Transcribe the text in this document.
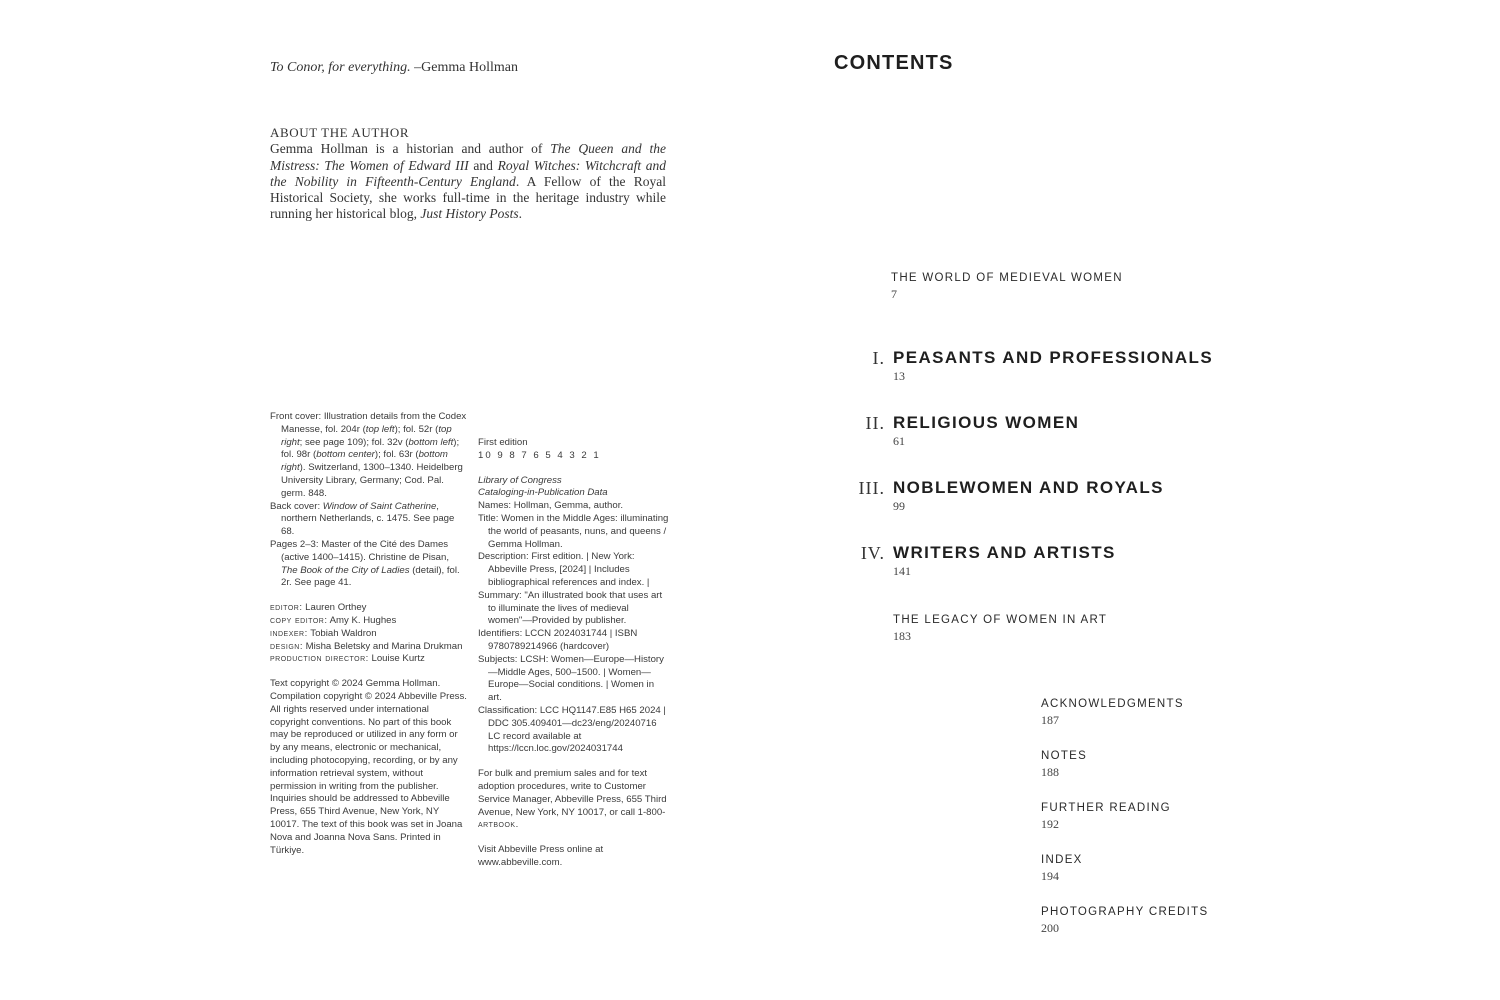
To Conor, for everything. –Gemma Hollman
ABOUT THE AUTHOR
Gemma Hollman is a historian and author of The Queen and the Mistress: The Women of Edward III and Royal Witches: Witchcraft and the Nobility in Fifteenth-Century England. A Fellow of the Royal Historical Society, she works full-time in the heritage industry while running her historical blog, Just History Posts.

Front cover: Illustration details from the Codex Manesse, fol. 204r (top left); fol. 52r (top right; see page 109); fol. 32v (bottom left); fol. 98r (bottom center); fol. 63r (bottom right). Switzerland, 1300–1340. Heidelberg University Library, Germany; Cod. Pal. germ. 848.

Back cover: Window of Saint Catherine, northern Netherlands, c. 1475. See page 68.

Pages 2–3: Master of the Cité des Dames (active 1400–1415). Christine de Pisan, The Book of the City of Ladies (detail), fol. 2r. See page 41.

editor: Lauren Orthey

copy editor: Amy K. Hughes

indexer: Tobiah Waldron

design: Misha Beletsky and Marina Drukman

production director: Louise Kurtz

Text copyright © 2024 Gemma Hollman. Compilation copyright © 2024 Abbeville Press. All rights reserved under international copyright conventions. No part of this book may be reproduced or utilized in any form or by any means, electronic or mechanical, including photocopying, recording, or by any information retrieval system, without permission in writing from the publisher. Inquiries should be addressed to Abbeville Press, 655 Third Avenue, New York, NY 10017. The text of this book was set in Joana Nova and Joanna Nova Sans. Printed in Türkiye.

First edition

10 9 8 7 6 5 4 3 2 1

Library of Congress

Cataloging-in-Publication Data

Names: Hollman, Gemma, author.

Title: Women in the Middle Ages: illuminating the world of peasants, nuns, and queens / Gemma Hollman.

Description: First edition. | New York: Abbeville Press, [2024] | Includes bibliographical references and index. |

Summary: "An illustrated book that uses art to illuminate the lives of medieval women"—Provided by publisher.

Identifiers: LCCN 2024031744 | ISBN 9780789214966 (hardcover)

Subjects: LCSH: Women—Europe—History—Middle Ages, 500–1500. | Women—Europe—Social conditions. | Women in art.

Classification: LCC HQ1147.E85 H65 2024 | DDC 305.409401—dc23/eng/20240716 LC record available at https://lccn.loc.gov/2024031744

For bulk and premium sales and for text adoption procedures, write to Customer Service Manager, Abbeville Press, 655 Third Avenue, New York, NY 10017, or call 1-800-artbook.

Visit Abbeville Press online at www.abbeville.com.

CONTENTS
THE WORLD OF MEDIEVAL WOMEN
7
I. PEASANTS AND PROFESSIONALS
13
II. RELIGIOUS WOMEN
61
III. NOBLEWOMEN AND ROYALS
99
IV. WRITERS AND ARTISTS
141
THE LEGACY OF WOMEN IN ART
183
ACKNOWLEDGMENTS
187
NOTES
188
FURTHER READING
192
INDEX
194
PHOTOGRAPHY CREDITS
200
